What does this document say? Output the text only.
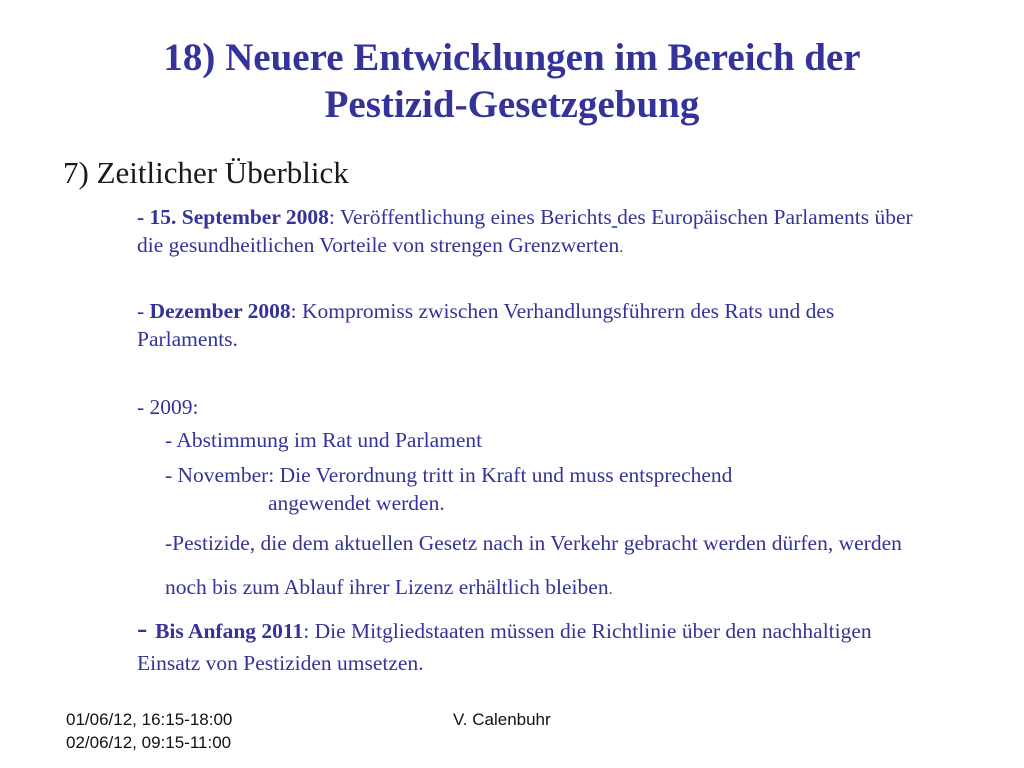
18) Neuere Entwicklungen im Bereich der
Pestizid-Gesetzgebung
7) Zeitlicher Überblick
- 15. September 2008: Veröffentlichung eines Berichts des Europäischen Parlaments über die gesundheitlichen Vorteile von strengen Grenzwerten.
- Dezember 2008: Kompromiss zwischen Verhandlungsführern des Rats und des Parlaments.
- 2009:
- Abstimmung im Rat und Parlament
- November: Die Verordnung tritt in Kraft und muss entsprechend
angewendet werden.
-Pestizide, die dem aktuellen Gesetz nach in Verkehr gebracht werden dürfen, werden noch bis zum Ablauf ihrer Lizenz erhältlich bleiben.
- Bis Anfang 2011: Die Mitgliedstaaten müssen die Richtlinie über den nachhaltigen Einsatz von Pestiziden umsetzen.
01/06/12, 16:15-18:00
02/06/12, 09:15-11:00
V. Calenbuhr
